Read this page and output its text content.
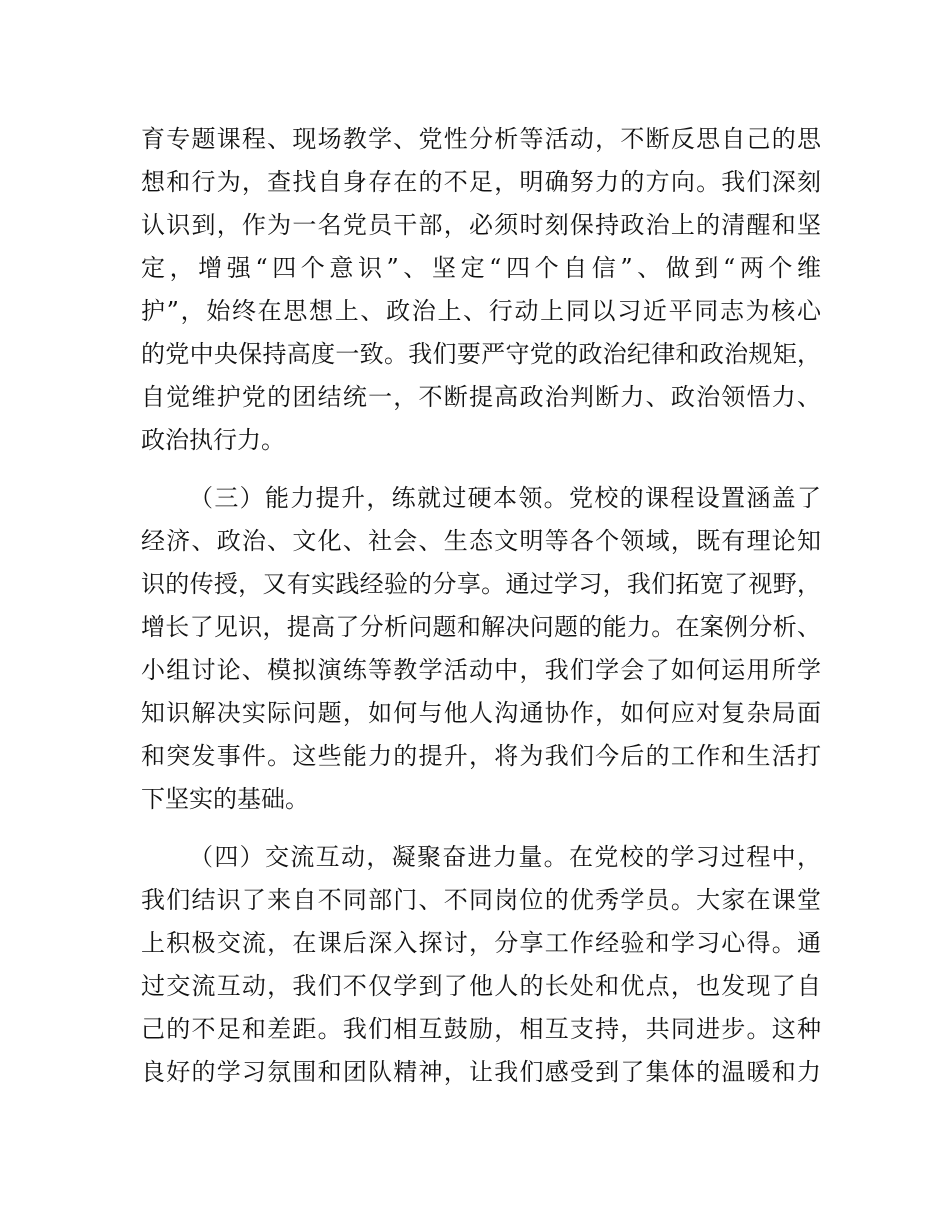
育专题课程、现场教学、党性分析等活动，不断反思自己的思
想和行为，查找自身存在的不足，明确努力的方向。我们深刻
认识到，作为一名党员干部，必须时刻保持政治上的清醒和坚
定，增强“四个意识”、坚定“四个自信”、做到“两个维
护”，始终在思想上、政治上、行动上同以习近平同志为核心
的党中央保持高度一致。我们要严守党的政治纪律和政治规矩，
自觉维护党的团结统一，不断提高政治判断力、政治领悟力、
政治执行力。
（三）能力提升，练就过硬本领。党校的课程设置涵盖了
经济、政治、文化、社会、生态文明等各个领域，既有理论知
识的传授，又有实践经验的分享。通过学习，我们拓宽了视野，
增长了见识，提高了分析问题和解决问题的能力。在案例分析、
小组讨论、模拟演练等教学活动中，我们学会了如何运用所学
知识解决实际问题，如何与他人沟通协作，如何应对复杂局面
和突发事件。这些能力的提升，将为我们今后的工作和生活打
下坚实的基础。
（四）交流互动，凝聚奋进力量。在党校的学习过程中，
我们结识了来自不同部门、不同岗位的优秀学员。大家在课堂
上积极交流，在课后深入探讨，分享工作经验和学习心得。通
过交流互动，我们不仅学到了他人的长处和优点，也发现了自
己的不足和差距。我们相互鼓励，相互支持，共同进步。这种
良好的学习氛围和团队精神，让我们感受到了集体的温暖和力
